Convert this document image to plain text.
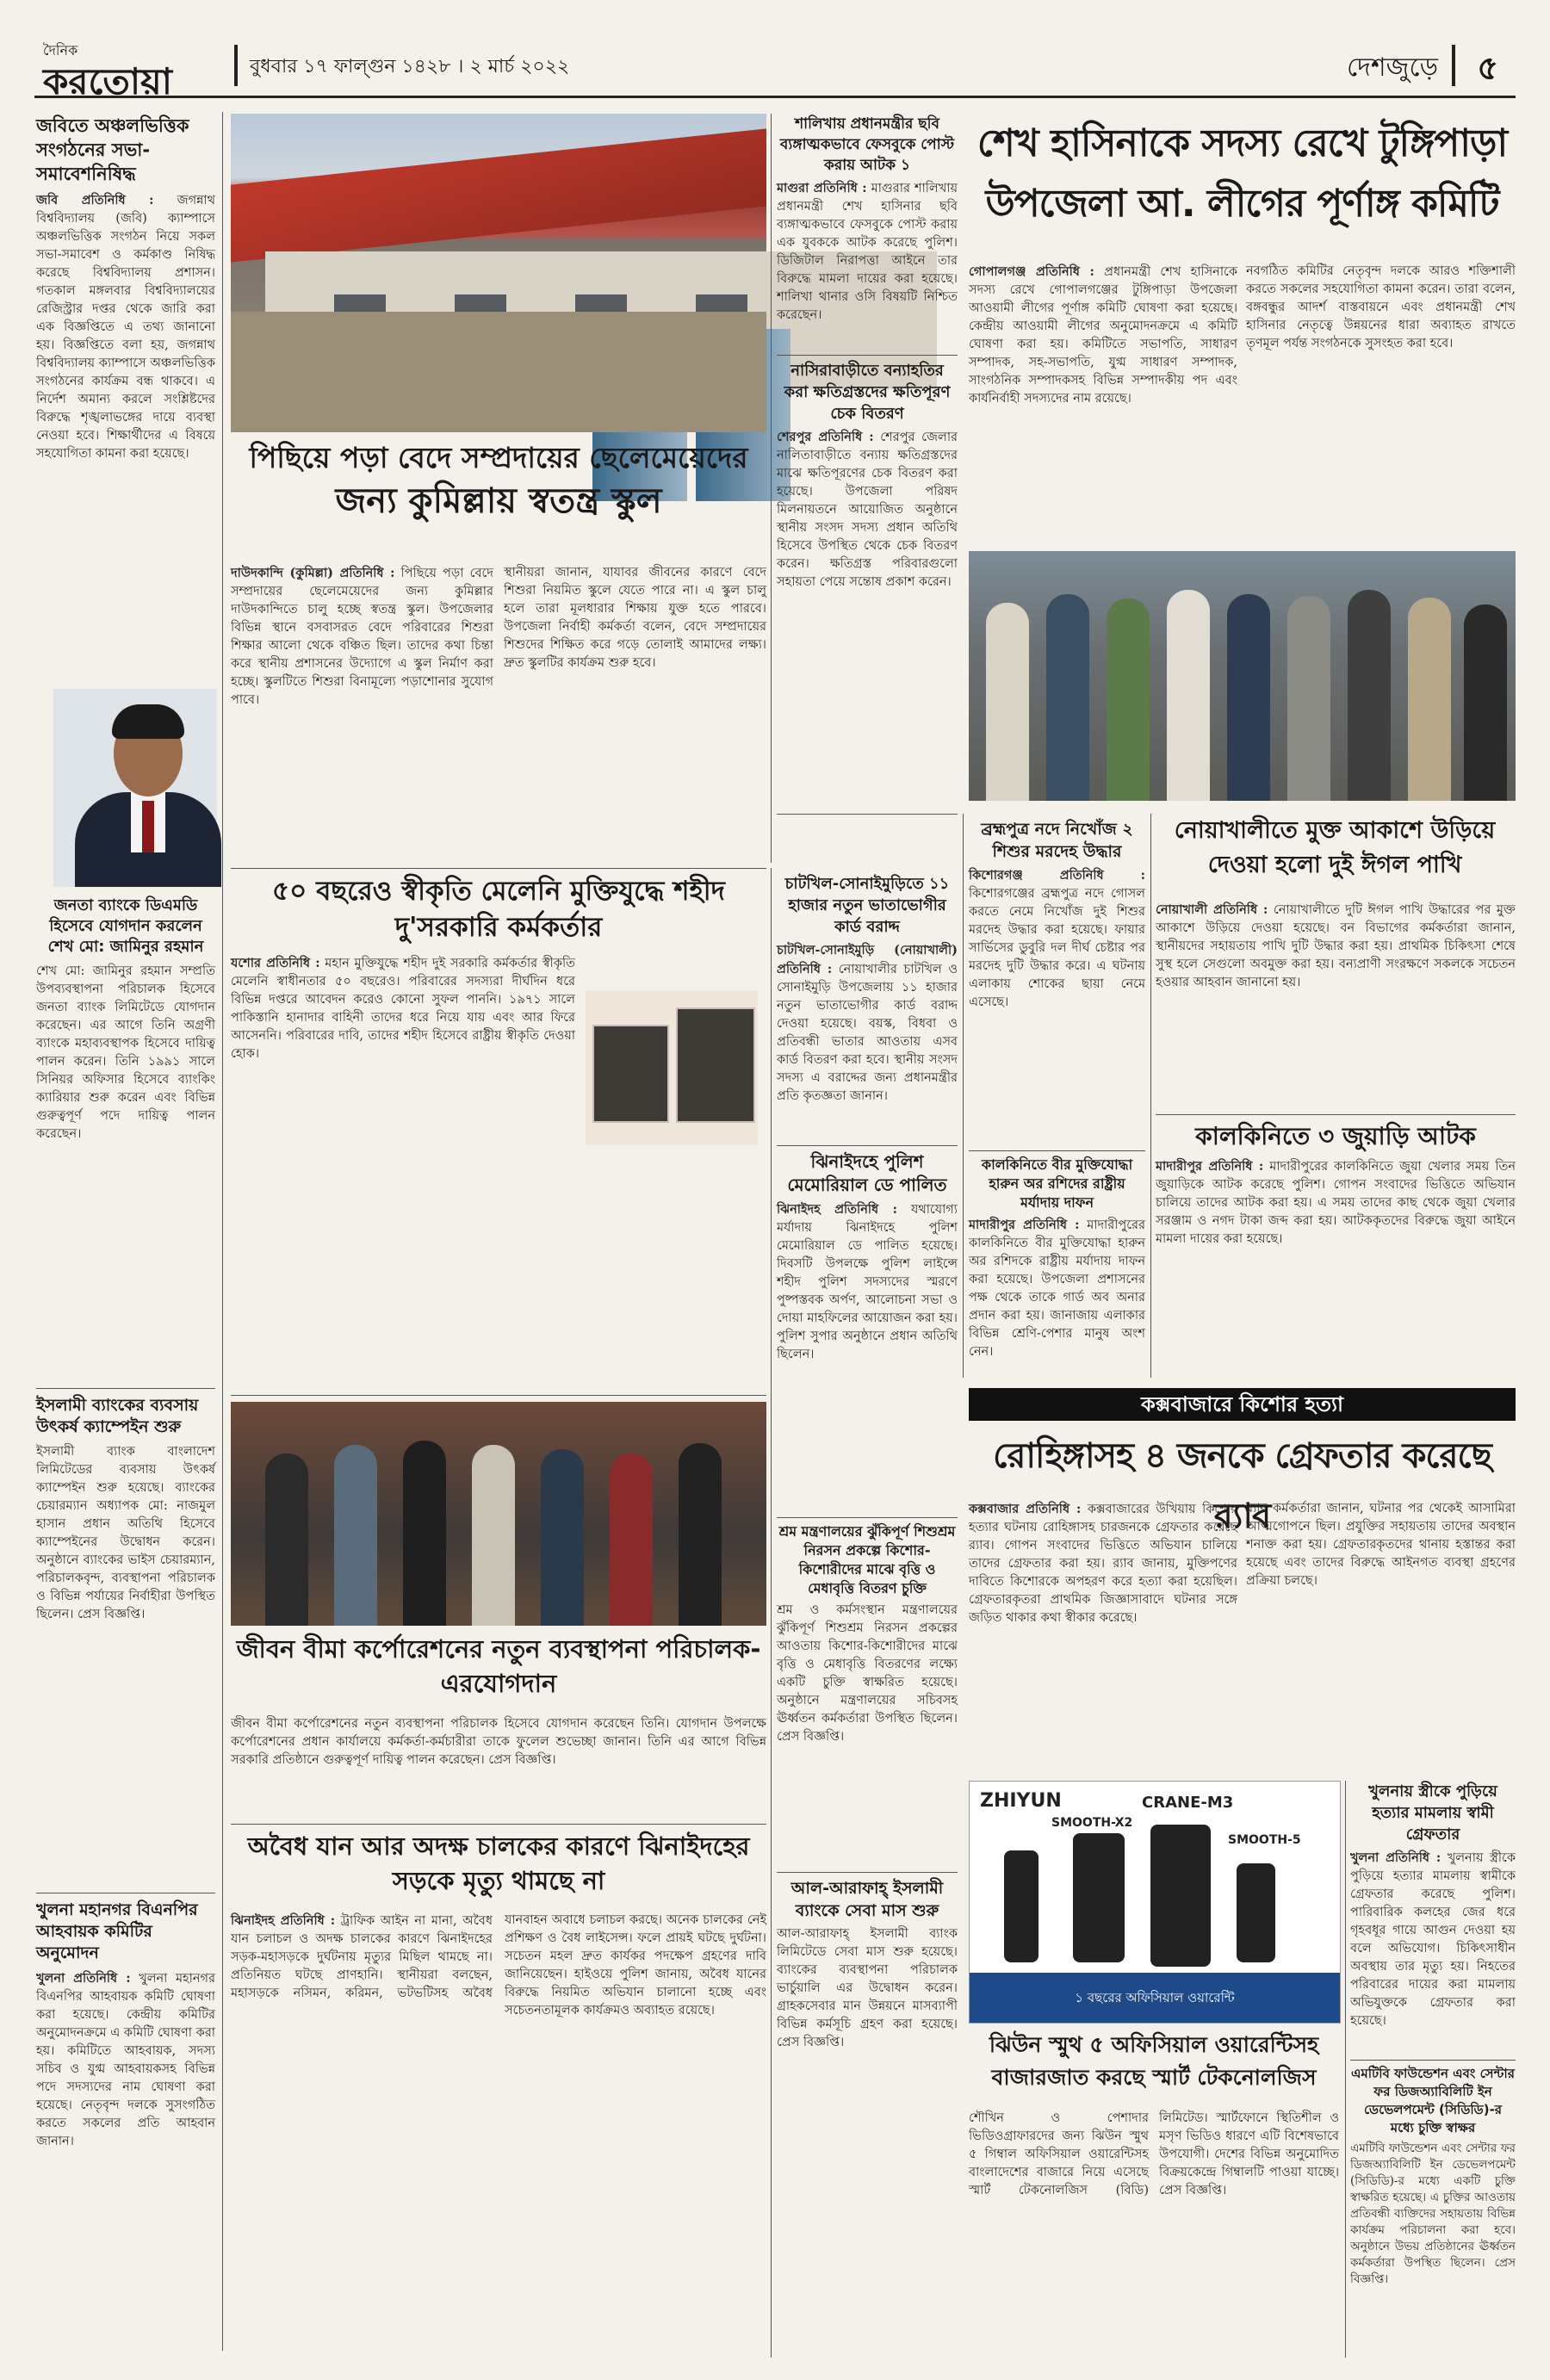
দৈনিক
করতোয়া	বুধবার ১৭ ফাল্গুন ১৪২৮ । ২ মার্চ ২০২২	দেশজুড়ে ৫
জবিতে অঞ্চলভিত্তিক সংগঠনের সভা-সমাবেশনিষিদ্ধ
জবি প্রতিনিধি : জগন্নাথ বিশ্ববিদ্যালয় (জবি) ক্যাম্পাসে অঞ্চলভিত্তিক সংগঠন নিয়ে সকল সভা-সমাবেশ ও কর্মকাণ্ড নিষিদ্ধ করেছে বিশ্ববিদ্যালয় প্রশাসন। গতকাল মঙ্গলবার বিশ্ববিদ্যালয়ের রেজিস্ট্রার দপ্তর থেকে জারি করা এক বিজ্ঞপ্তিতে এ তথ্য জানানো হয়। বিজ্ঞপ্তিতে বলা হয়, জগন্নাথ বিশ্ববিদ্যালয় ক্যাম্পাসে অঞ্চলভিত্তিক সংগঠনের কার্যক্রম বন্ধ থাকবে। এ নির্দেশ অমান্য করলে সংশ্লিষ্টদের বিরুদ্ধে শৃঙ্খলাভঙ্গের দায়ে ব্যবস্থা নেওয়া হবে। শিক্ষার্থীদের এ বিষয়ে সহযোগিতা কামনা করা হয়েছে।
জনতা ব্যাংকে ডিএমডি হিসেবে যোগদান করলেন শেখ মো: জামিনুর রহমান
শেখ মো: জামিনুর রহমান সম্প্রতি উপব্যবস্থাপনা পরিচালক হিসেবে জনতা ব্যাংক লিমিটেডে যোগদান করেছেন। এর আগে তিনি অগ্রণী ব্যাংকে মহাব্যবস্থাপক হিসেবে দায়িত্ব পালন করেন। তিনি ১৯৯১ সালে সিনিয়র অফিসার হিসেবে ব্যাংকিং ক্যারিয়ার শুরু করেন এবং বিভিন্ন গুরুত্বপূর্ণ পদে দায়িত্ব পালন করেছেন।
ইসলামী ব্যাংকের ব্যবসায় উৎকর্ষ ক্যাম্পেইন শুরু
ইসলামী ব্যাংক বাংলাদেশ লিমিটেডের ব্যবসায় উৎকর্ষ ক্যাম্পেইন শুরু হয়েছে। ব্যাংকের চেয়ারম্যান অধ্যাপক মো: নাজমুল হাসান প্রধান অতিথি হিসেবে ক্যাম্পেইনের উদ্বোধন করেন। অনুষ্ঠানে ব্যাংকের ভাইস চেয়ারম্যান, পরিচালকবৃন্দ, ব্যবস্থাপনা পরিচালক ও বিভিন্ন পর্যায়ের নির্বাহীরা উপস্থিত ছিলেন। প্রেস বিজ্ঞপ্তি।
খুলনা মহানগর বিএনপির আহবায়ক কমিটির অনুমোদন
খুলনা প্রতিনিধি : খুলনা মহানগর বিএনপির আহবায়ক কমিটি ঘোষণা করা হয়েছে। কেন্দ্রীয় কমিটির অনুমোদনক্রমে এ কমিটি ঘোষণা করা হয়। কমিটিতে আহবায়ক, সদস্য সচিব ও যুগ্ম আহবায়কসহ বিভিন্ন পদে সদস্যদের নাম ঘোষণা করা হয়েছে। নেতৃবৃন্দ দলকে সুসংগঠিত করতে সকলের প্রতি আহবান জানান।
পিছিয়ে পড়া বেদে সম্প্রদায়ের ছেলেমেয়েদের
জন্য কুমিল্লায় স্বতন্ত্র স্কুল
দাউদকান্দি (কুমিল্লা) প্রতিনিধি : পিছিয়ে পড়া বেদে সম্প্রদায়ের ছেলেমেয়েদের জন্য কুমিল্লার দাউদকান্দিতে চালু হচ্ছে স্বতন্ত্র স্কুল। উপজেলার বিভিন্ন স্থানে বসবাসরত বেদে পরিবারের শিশুরা শিক্ষার আলো থেকে বঞ্চিত ছিল। তাদের কথা চিন্তা করে স্থানীয় প্রশাসনের উদ্যোগে এ স্কুল নির্মাণ করা হচ্ছে। স্কুলটিতে শিশুরা বিনামূল্যে পড়াশোনার সুযোগ পাবে।
স্থানীয়রা জানান, যাযাবর জীবনের কারণে বেদে শিশুরা নিয়মিত স্কুলে যেতে পারে না। এ স্কুল চালু হলে তারা মূলধারার শিক্ষায় যুক্ত হতে পারবে। উপজেলা নির্বাহী কর্মকর্তা বলেন, বেদে সম্প্রদায়ের শিশুদের শিক্ষিত করে গড়ে তোলাই আমাদের লক্ষ্য। দ্রুত স্কুলটির কার্যক্রম শুরু হবে।
৫০ বছরেও স্বীকৃতি মেলেনি মুক্তিযুদ্ধে শহীদ দু'সরকারি কর্মকর্তার
যশোর প্রতিনিধি : মহান মুক্তিযুদ্ধে শহীদ দুই সরকারি কর্মকর্তার স্বীকৃতি মেলেনি স্বাধীনতার ৫০ বছরেও। পরিবারের সদস্যরা দীর্ঘদিন ধরে বিভিন্ন দপ্তরে আবেদন করেও কোনো সুফল পাননি। ১৯৭১ সালে পাকিস্তানি হানাদার বাহিনী তাদের ধরে নিয়ে যায় এবং আর ফিরে আসেননি। পরিবারের দাবি, তাদের শহীদ হিসেবে রাষ্ট্রীয় স্বীকৃতি দেওয়া হোক।
জীবন বীমা কর্পোরেশনের নতুন ব্যবস্থাপনা পরিচালক-এরযোগদান
জীবন বীমা কর্পোরেশনের নতুন ব্যবস্থাপনা পরিচালক হিসেবে যোগদান করেছেন তিনি। যোগদান উপলক্ষে কর্পোরেশনের প্রধান কার্যালয়ে কর্মকর্তা-কর্মচারীরা তাকে ফুলেল শুভেচ্ছা জানান। তিনি এর আগে বিভিন্ন সরকারি প্রতিষ্ঠানে গুরুত্বপূর্ণ দায়িত্ব পালন করেছেন। প্রেস বিজ্ঞপ্তি।
অবৈধ যান আর অদক্ষ চালকের কারণে ঝিনাইদহের সড়কে মৃত্যু থামছে না
ঝিনাইদহ প্রতিনিধি : ট্রাফিক আইন না মানা, অবৈধ যান চলাচল ও অদক্ষ চালকের কারণে ঝিনাইদহের সড়ক-মহাসড়কে দুর্ঘটনায় মৃত্যুর মিছিল থামছে না। প্রতিনিয়ত ঘটছে প্রাণহানি। স্থানীয়রা বলছেন, মহাসড়কে নসিমন, করিমন, ভটভটিসহ অবৈধ যানবাহন অবাধে চলাচল করছে। অনেক চালকের নেই প্রশিক্ষণ ও বৈধ লাইসেন্স। ফলে প্রায়ই ঘটছে দুর্ঘটনা। সচেতন মহল দ্রুত কার্যকর পদক্ষেপ গ্রহণের দাবি জানিয়েছেন। হাইওয়ে পুলিশ জানায়, অবৈধ যানের বিরুদ্ধে নিয়মিত অভিযান চালানো হচ্ছে এবং সচেতনতামূলক কার্যক্রমও অব্যাহত রয়েছে।
চাটখিল-সোনাইমুড়িতে ১১ হাজার নতুন ভাতাভোগীর কার্ড বরাদ্দ
চাটখিল-সোনাইমুড়ি (নোয়াখালী) প্রতিনিধি : নোয়াখালীর চাটখিল ও সোনাইমুড়ি উপজেলায় ১১ হাজার নতুন ভাতাভোগীর কার্ড বরাদ্দ দেওয়া হয়েছে। বয়স্ক, বিধবা ও প্রতিবন্ধী ভাতার আওতায় এসব কার্ড বিতরণ করা হবে। স্থানীয় সংসদ সদস্য এ বরাদ্দের জন্য প্রধানমন্ত্রীর প্রতি কৃতজ্ঞতা জানান।
ঝিনাইদহে পুলিশ মেমোরিয়াল ডে পালিত
ঝিনাইদহ প্রতিনিধি : যথাযোগ্য মর্যাদায় ঝিনাইদহে পুলিশ মেমোরিয়াল ডে পালিত হয়েছে। দিবসটি উপলক্ষে পুলিশ লাইন্সে শহীদ পুলিশ সদস্যদের স্মরণে পুষ্পস্তবক অর্পণ, আলোচনা সভা ও দোয়া মাহফিলের আয়োজন করা হয়। পুলিশ সুপার অনুষ্ঠানে প্রধান অতিথি ছিলেন।
শ্রম মন্ত্রণালয়ের ঝুঁকিপূর্ণ শিশুশ্রম নিরসন প্রকল্পে কিশোর-কিশোরীদের মাঝে বৃত্তি ও মেধাবৃত্তি বিতরণ চুক্তি
শ্রম ও কর্মসংস্থান মন্ত্রণালয়ের ঝুঁকিপূর্ণ শিশুশ্রম নিরসন প্রকল্পের আওতায় কিশোর-কিশোরীদের মাঝে বৃত্তি ও মেধাবৃত্তি বিতরণের লক্ষ্যে একটি চুক্তি স্বাক্ষরিত হয়েছে। অনুষ্ঠানে মন্ত্রণালয়ের সচিবসহ ঊর্ধ্বতন কর্মকর্তারা উপস্থিত ছিলেন। প্রেস বিজ্ঞপ্তি।
আল-আরাফাহ্ ইসলামী ব্যাংকে সেবা মাস শুরু
আল-আরাফাহ্ ইসলামী ব্যাংক লিমিটেডে সেবা মাস শুরু হয়েছে। ব্যাংকের ব্যবস্থাপনা পরিচালক ভার্চুয়ালি এর উদ্বোধন করেন। গ্রাহকসেবার মান উন্নয়নে মাসব্যাপী বিভিন্ন কর্মসূচি গ্রহণ করা হয়েছে। প্রেস বিজ্ঞপ্তি।
শালিখায় প্রধানমন্ত্রীর ছবি ব্যঙ্গাত্মকভাবে ফেসবুকে পোস্ট করায় আটক ১
মাগুরা প্রতিনিধি : মাগুরার শালিখায় প্রধানমন্ত্রী শেখ হাসিনার ছবি ব্যঙ্গাত্মকভাবে ফেসবুকে পোস্ট করায় এক যুবককে আটক করেছে পুলিশ। ডিজিটাল নিরাপত্তা আইনে তার বিরুদ্ধে মামলা দায়ের করা হয়েছে। শালিখা থানার ওসি বিষয়টি নিশ্চিত করেছেন।
নাসিরাবাড়ীতে বন্যাহতির করা ক্ষতিগ্রস্তদের ক্ষতিপূরণ চেক বিতরণ
শেরপুর প্রতিনিধি : শেরপুর জেলার নালিতাবাড়ীতে বন্যায় ক্ষতিগ্রস্তদের মাঝে ক্ষতিপূরণের চেক বিতরণ করা হয়েছে। উপজেলা পরিষদ মিলনায়তনে আয়োজিত অনুষ্ঠানে স্থানীয় সংসদ সদস্য প্রধান অতিথি হিসেবে উপস্থিত থেকে চেক বিতরণ করেন। ক্ষতিগ্রস্ত পরিবারগুলো সহায়তা পেয়ে সন্তোষ প্রকাশ করেন।
ব্রহ্মপুত্র নদে নিখোঁজ ২ শিশুর মরদেহ উদ্ধার
কিশোরগঞ্জ প্রতিনিধি : কিশোরগঞ্জের ব্রহ্মপুত্র নদে গোসল করতে নেমে নিখোঁজ দুই শিশুর মরদেহ উদ্ধার করা হয়েছে। ফায়ার সার্ভিসের ডুবুরি দল দীর্ঘ চেষ্টার পর মরদেহ দুটি উদ্ধার করে। এ ঘটনায় এলাকায় শোকের ছায়া নেমে এসেছে।
কালকিনিতে বীর মুক্তিযোদ্ধা হারুন অর রশিদের রাষ্ট্রীয় মর্যাদায় দাফন
মাদারীপুর প্রতিনিধি : মাদারীপুরের কালকিনিতে বীর মুক্তিযোদ্ধা হারুন অর রশিদকে রাষ্ট্রীয় মর্যাদায় দাফন করা হয়েছে। উপজেলা প্রশাসনের পক্ষ থেকে তাকে গার্ড অব অনার প্রদান করা হয়। জানাজায় এলাকার বিভিন্ন শ্রেণি-পেশার মানুষ অংশ নেন।
শেখ হাসিনাকে সদস্য রেখে টুঙ্গিপাড়া
উপজেলা আ. লীগের পূর্ণাঙ্গ কমিটি
গোপালগঞ্জ প্রতিনিধি : প্রধানমন্ত্রী শেখ হাসিনাকে সদস্য রেখে গোপালগঞ্জের টুঙ্গিপাড়া উপজেলা আওয়ামী লীগের পূর্ণাঙ্গ কমিটি ঘোষণা করা হয়েছে। কেন্দ্রীয় আওয়ামী লীগের অনুমোদনক্রমে এ কমিটি ঘোষণা করা হয়। কমিটিতে সভাপতি, সাধারণ সম্পাদক, সহ-সভাপতি, যুগ্ম সাধারণ সম্পাদক, সাংগঠনিক সম্পাদকসহ বিভিন্ন সম্পাদকীয় পদ এবং কার্যনির্বাহী সদস্যদের নাম রয়েছে।
নবগঠিত কমিটির নেতৃবৃন্দ দলকে আরও শক্তিশালী করতে সকলের সহযোগিতা কামনা করেন। তারা বলেন, বঙ্গবন্ধুর আদর্শ বাস্তবায়নে এবং প্রধানমন্ত্রী শেখ হাসিনার নেতৃত্বে উন্নয়নের ধারা অব্যাহত রাখতে তৃণমূল পর্যন্ত সংগঠনকে সুসংহত করা হবে।
নোয়াখালীতে মুক্ত আকাশে উড়িয়ে দেওয়া হলো দুই ঈগল পাখি
নোয়াখালী প্রতিনিধি : নোয়াখালীতে দুটি ঈগল পাখি উদ্ধারের পর মুক্ত আকাশে উড়িয়ে দেওয়া হয়েছে। বন বিভাগের কর্মকর্তারা জানান, স্থানীয়দের সহায়তায় পাখি দুটি উদ্ধার করা হয়। প্রাথমিক চিকিৎসা শেষে সুস্থ হলে সেগুলো অবমুক্ত করা হয়। বন্যপ্রাণী সংরক্ষণে সকলকে সচেতন হওয়ার আহবান জানানো হয়।
কালকিনিতে ৩ জুয়াড়ি আটক
মাদারীপুর প্রতিনিধি : মাদারীপুরের কালকিনিতে জুয়া খেলার সময় তিন জুয়াড়িকে আটক করেছে পুলিশ। গোপন সংবাদের ভিত্তিতে অভিযান চালিয়ে তাদের আটক করা হয়। এ সময় তাদের কাছ থেকে জুয়া খেলার সরঞ্জাম ও নগদ টাকা জব্দ করা হয়। আটককৃতদের বিরুদ্ধে জুয়া আইনে মামলা দায়ের করা হয়েছে।
কক্সবাজারে কিশোর হত্যা
রোহিঙ্গাসহ ৪ জনকে গ্রেফতার করেছে র‍্যাব
কক্সবাজার প্রতিনিধি : কক্সবাজারের উখিয়ায় কিশোর হত্যার ঘটনায় রোহিঙ্গাসহ চারজনকে গ্রেফতার করেছে র‍্যাব। গোপন সংবাদের ভিত্তিতে অভিযান চালিয়ে তাদের গ্রেফতার করা হয়। র‍্যাব জানায়, মুক্তিপণের দাবিতে কিশোরকে অপহরণ করে হত্যা করা হয়েছিল। গ্রেফতারকৃতরা প্রাথমিক জিজ্ঞাসাবাদে ঘটনার সঙ্গে জড়িত থাকার কথা স্বীকার করেছে।
র‍্যাব কর্মকর্তারা জানান, ঘটনার পর থেকেই আসামিরা আত্মগোপনে ছিল। প্রযুক্তির সহায়তায় তাদের অবস্থান শনাক্ত করা হয়। গ্রেফতারকৃতদের থানায় হস্তান্তর করা হয়েছে এবং তাদের বিরুদ্ধে আইনগত ব্যবস্থা গ্রহণের প্রক্রিয়া চলছে।
ZHIYUN
SMOOTH-X2
CRANE-M3
SMOOTH-5
১ বছরের অফিসিয়াল ওয়ারেন্টি
ঝিউন স্মুথ ৫ অফিসিয়াল ওয়ারেন্টিসহ বাজারজাত করছে স্মার্ট টেকনোলজিস
শৌখিন ও পেশাদার ভিডিওগ্রাফারদের জন্য ঝিউন স্মুথ ৫ গিম্বাল অফিসিয়াল ওয়ারেন্টিসহ বাংলাদেশের বাজারে নিয়ে এসেছে স্মার্ট টেকনোলজিস (বিডি) লিমিটেড। স্মার্টফোনে স্থিতিশীল ও মসৃণ ভিডিও ধারণে এটি বিশেষভাবে উপযোগী। দেশের বিভিন্ন অনুমোদিত বিক্রয়কেন্দ্রে গিম্বালটি পাওয়া যাচ্ছে। প্রেস বিজ্ঞপ্তি।
খুলনায় স্ত্রীকে পুড়িয়ে হত্যার মামলায় স্বামী গ্রেফতার
খুলনা প্রতিনিধি : খুলনায় স্ত্রীকে পুড়িয়ে হত্যার মামলায় স্বামীকে গ্রেফতার করেছে পুলিশ। পারিবারিক কলহের জের ধরে গৃহবধূর গায়ে আগুন দেওয়া হয় বলে অভিযোগ। চিকিৎসাধীন অবস্থায় তার মৃত্যু হয়। নিহতের পরিবারের দায়ের করা মামলায় অভিযুক্তকে গ্রেফতার করা হয়েছে।
এমটিবি ফাউন্ডেশন এবং সেন্টার ফর ডিজঅ্যাবিলিটি ইন ডেভেলপমেন্ট (সিডিডি)-র মধ্যে চুক্তি স্বাক্ষর
এমটিবি ফাউন্ডেশন এবং সেন্টার ফর ডিজঅ্যাবিলিটি ইন ডেভেলপমেন্ট (সিডিডি)-র মধ্যে একটি চুক্তি স্বাক্ষরিত হয়েছে। এ চুক্তির আওতায় প্রতিবন্ধী ব্যক্তিদের সহায়তায় বিভিন্ন কার্যক্রম পরিচালনা করা হবে। অনুষ্ঠানে উভয় প্রতিষ্ঠানের ঊর্ধ্বতন কর্মকর্তারা উপস্থিত ছিলেন। প্রেস বিজ্ঞপ্তি।
